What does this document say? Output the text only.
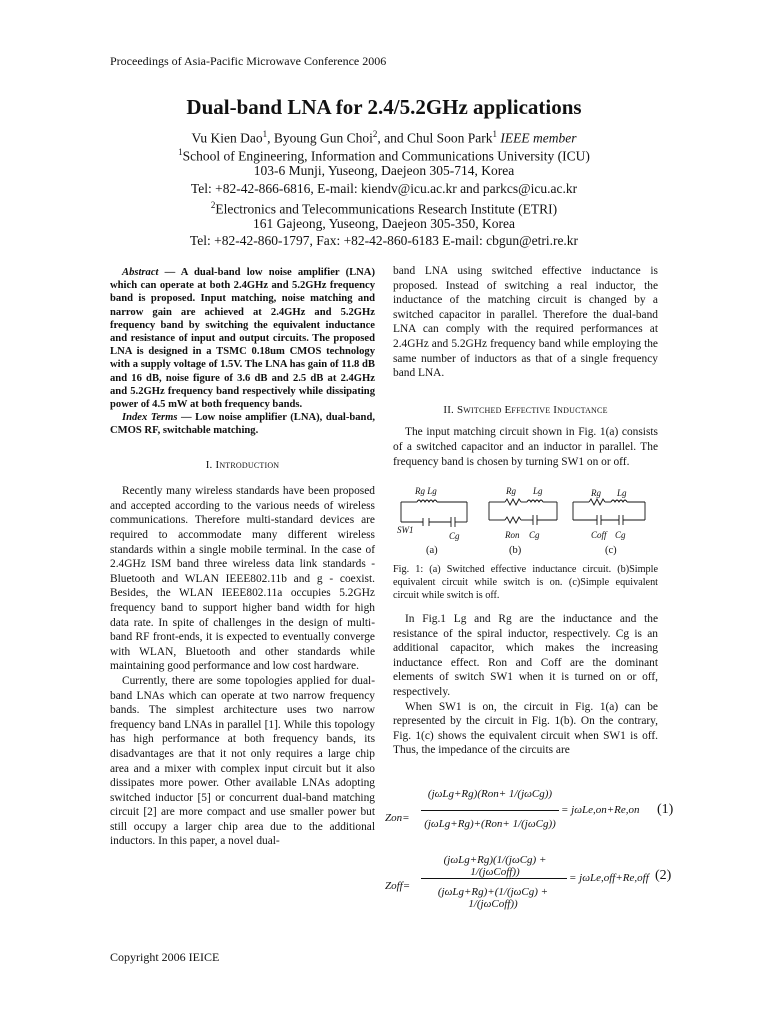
Proceedings of Asia-Pacific Microwave Conference 2006
Dual-band LNA for 2.4/5.2GHz applications
Vu Kien Dao$^1$, Byoung Gun Choi$^2$, and Chul Soon Park$^1$ IEEE member
$^1$School of Engineering, Information and Communications University (ICU)
103-6 Munji, Yuseong, Daejeon 305-714, Korea
Tel: +82-42-866-6816, E-mail: kiendv@icu.ac.kr and parkcs@icu.ac.kr
$^2$Electronics and Telecommunications Research Institute (ETRI)
161 Gajeong, Yuseong, Daejeon 305-350, Korea
Tel: +82-42-860-1797, Fax: +82-42-860-6183 E-mail: cbgun@etri.re.kr

Abstract — A dual-band low noise amplifier (LNA) which can operate at both 2.4GHz and 5.2GHz frequency band is proposed. Input matching, noise matching and narrow gain are achieved at 2.4GHz and 5.2GHz frequency band by switching the equivalent inductance and resistance of input and output circuits. The proposed LNA is designed in a TSMC 0.18um CMOS technology with a supply voltage of 1.5V. The LNA has gain of 11.8 dB and 16 dB, noise figure of 3.6 dB and 2.5 dB at 2.4GHz and 5.2GHz frequency band respectively while dissipating power of 4.5 mW at both frequency bands.

Index Terms — Low noise amplifier (LNA), dual-band, CMOS RF, switchable matching.

I. Introduction

Recently many wireless standards have been proposed and accepted according to the various needs of wireless communications. Therefore multi-standard devices are required to accommodate many different wireless standards within a single mobile terminal. In the case of 2.4GHz ISM band three wireless data link standards - Bluetooth and WLAN IEEE802.11b and g - coexist. Besides, the WLAN IEEE802.11a occupies 5.2GHz frequency band to support higher band width for high data rate. In spite of challenges in the design of multi-band RF front-ends, it is expected to eventually converge with WLAN, Bluetooth and other standards while maintaining good performance and low cost hardware.

Currently, there are some topologies applied for dual-band LNAs which can operate at two narrow frequency bands. The simplest architecture uses two narrow frequency band LNAs in parallel [1]. While this topology has high performance at both frequency bands, its disadvantages are that it not only requires a large chip area and a mixer with complex input circuit but it also dissipates more power. Other available LNAs adopting switched inductor [5] or concurrent dual-band matching circuit [2] are more compact and use smaller power but still occupy a larger chip area due to the additional inductors. In this paper, a novel dual-

band LNA using switched effective inductance is proposed. Instead of switching a real inductor, the inductance of the matching circuit is changed by a switched capacitor in parallel. Therefore the dual-band LNA can comply with the required performances at 2.4GHz and 5.2GHz frequency band while employing the same number of inductors as that of a single frequency band LNA.

II. Switched Effective Inductance

The input matching circuit shown in Fig. 1(a) consists of a switched capacitor and an inductor in parallel. The frequency band is chosen by turning SW1 on or off.

Rg Lg
SW1
Cg
Rg Lg
Ron Cg
Rg Lg
Coff Cg
(a)	(b)	(c)

Fig. 1: (a) Switched effective inductance circuit. (b)Simple equivalent circuit while switch is on. (c)Simple equivalent circuit while switch is off.

In Fig.1 Lg and Rg are the inductance and the resistance of the spiral inductor, respectively. Cg is an additional capacitor, which makes the increasing inductance effect. Ron and Coff are the dominant elements of switch SW1 when it is turned on or off, respectively.

When SW1 is on, the circuit in Fig. 1(a) can be represented by the circuit in Fig. 1(b). On the contrary, Fig. 1(c) shows the equivalent circuit when SW1 is off. Thus, the impedance of the circuits are

Zon=
(jωLg+Rg)(Ron+ 1/(jωCg))
(jωLg+Rg)+(Ron+ 1/(jωCg))
= jωLe,on+Re,on (1)
Zoff=
(jωLg+Rg)(1/(jωCg) + 1/(jωCoff))
(jωLg+Rg)+(1/(jωCg) + 1/(jωCoff))
= jωLe,off+Re,off (2)
Copyright 2006 IEICE
